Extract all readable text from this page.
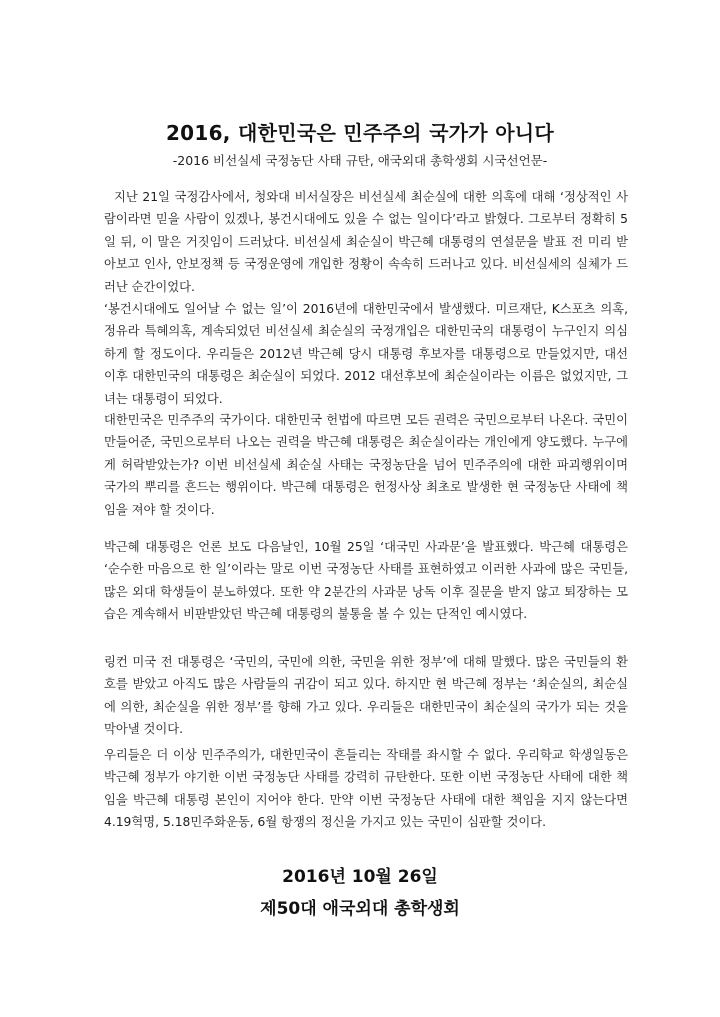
2016, 대한민국은 민주주의 국가가 아니다
-2016 비선실세 국정농단 사태 규탄, 애국외대 총학생회 시국선언문-

지난 21일 국정감사에서, 청와대 비서실장은 비선실세 최순실에 대한 의혹에 대해 ‘정상적인 사람이라면 믿을 사람이 있겠나, 봉건시대에도 있을 수 없는 일이다’라고 밝혔다. 그로부터 정확히 5일 뒤, 이 말은 거짓임이 드러났다. 비선실세 최순실이 박근혜 대통령의 연설문을 발표 전 미리 받아보고 인사, 안보정책 등 국정운영에 개입한 정황이 속속히 드러나고 있다. 비선실세의 실체가 드러난 순간이었다.

‘봉건시대에도 일어날 수 없는 일’이 2016년에 대한민국에서 발생했다. 미르재단, K스포츠 의혹, 정유라 특혜의혹, 계속되었던 비선실세 최순실의 국정개입은 대한민국의 대통령이 누구인지 의심하게 할 정도이다. 우리들은 2012년 박근혜 당시 대통령 후보자를 대통령으로 만들었지만, 대선 이후 대한민국의 대통령은 최순실이 되었다. 2012 대선후보에 최순실이라는 이름은 없었지만, 그녀는 대통령이 되었다.

대한민국은 민주주의 국가이다. 대한민국 헌법에 따르면 모든 권력은 국민으로부터 나온다. 국민이 만들어준, 국민으로부터 나오는 권력을 박근혜 대통령은 최순실이라는 개인에게 양도했다. 누구에게 허락받았는가? 이번 비선실세 최순실 사태는 국정농단을 넘어 민주주의에 대한 파괴행위이며 국가의 뿌리를 흔드는 행위이다. 박근혜 대통령은 헌정사상 최초로 발생한 현 국정농단 사태에 책임을 져야 할 것이다.

박근혜 대통령은 언론 보도 다음날인, 10월 25일 ‘대국민 사과문’을 발표했다. 박근혜 대통령은 ‘순수한 마음으로 한 일’이라는 말로 이번 국정농단 사태를 표현하였고 이러한 사과에 많은 국민들, 많은 외대 학생들이 분노하였다. 또한 약 2분간의 사과문 낭독 이후 질문을 받지 않고 퇴장하는 모습은 계속해서 비판받았던 박근혜 대통령의 불통을 볼 수 있는 단적인 예시였다.

링컨 미국 전 대통령은 ‘국민의, 국민에 의한, 국민을 위한 정부’에 대해 말했다. 많은 국민들의 환호를 받았고 아직도 많은 사람들의 귀감이 되고 있다. 하지만 현 박근혜 정부는 ‘최순실의, 최순실에 의한, 최순실을 위한 정부’를 향해 가고 있다. 우리들은 대한민국이 최순실의 국가가 되는 것을 막아낼 것이다.

우리들은 더 이상 민주주의가, 대한민국이 흔들리는 작태를 좌시할 수 없다. 우리학교 학생일동은 박근혜 정부가 야기한 이번 국정농단 사태를 강력히 규탄한다. 또한 이번 국정농단 사태에 대한 책임을 박근혜 대통령 본인이 지어야 한다. 만약 이번 국정농단 사태에 대한 책임을 지지 않는다면 4.19혁명, 5.18민주화운동, 6월 항쟁의 정신을 가지고 있는 국민이 심판할 것이다.

2016년 10월 26일
제50대 애국외대 총학생회
